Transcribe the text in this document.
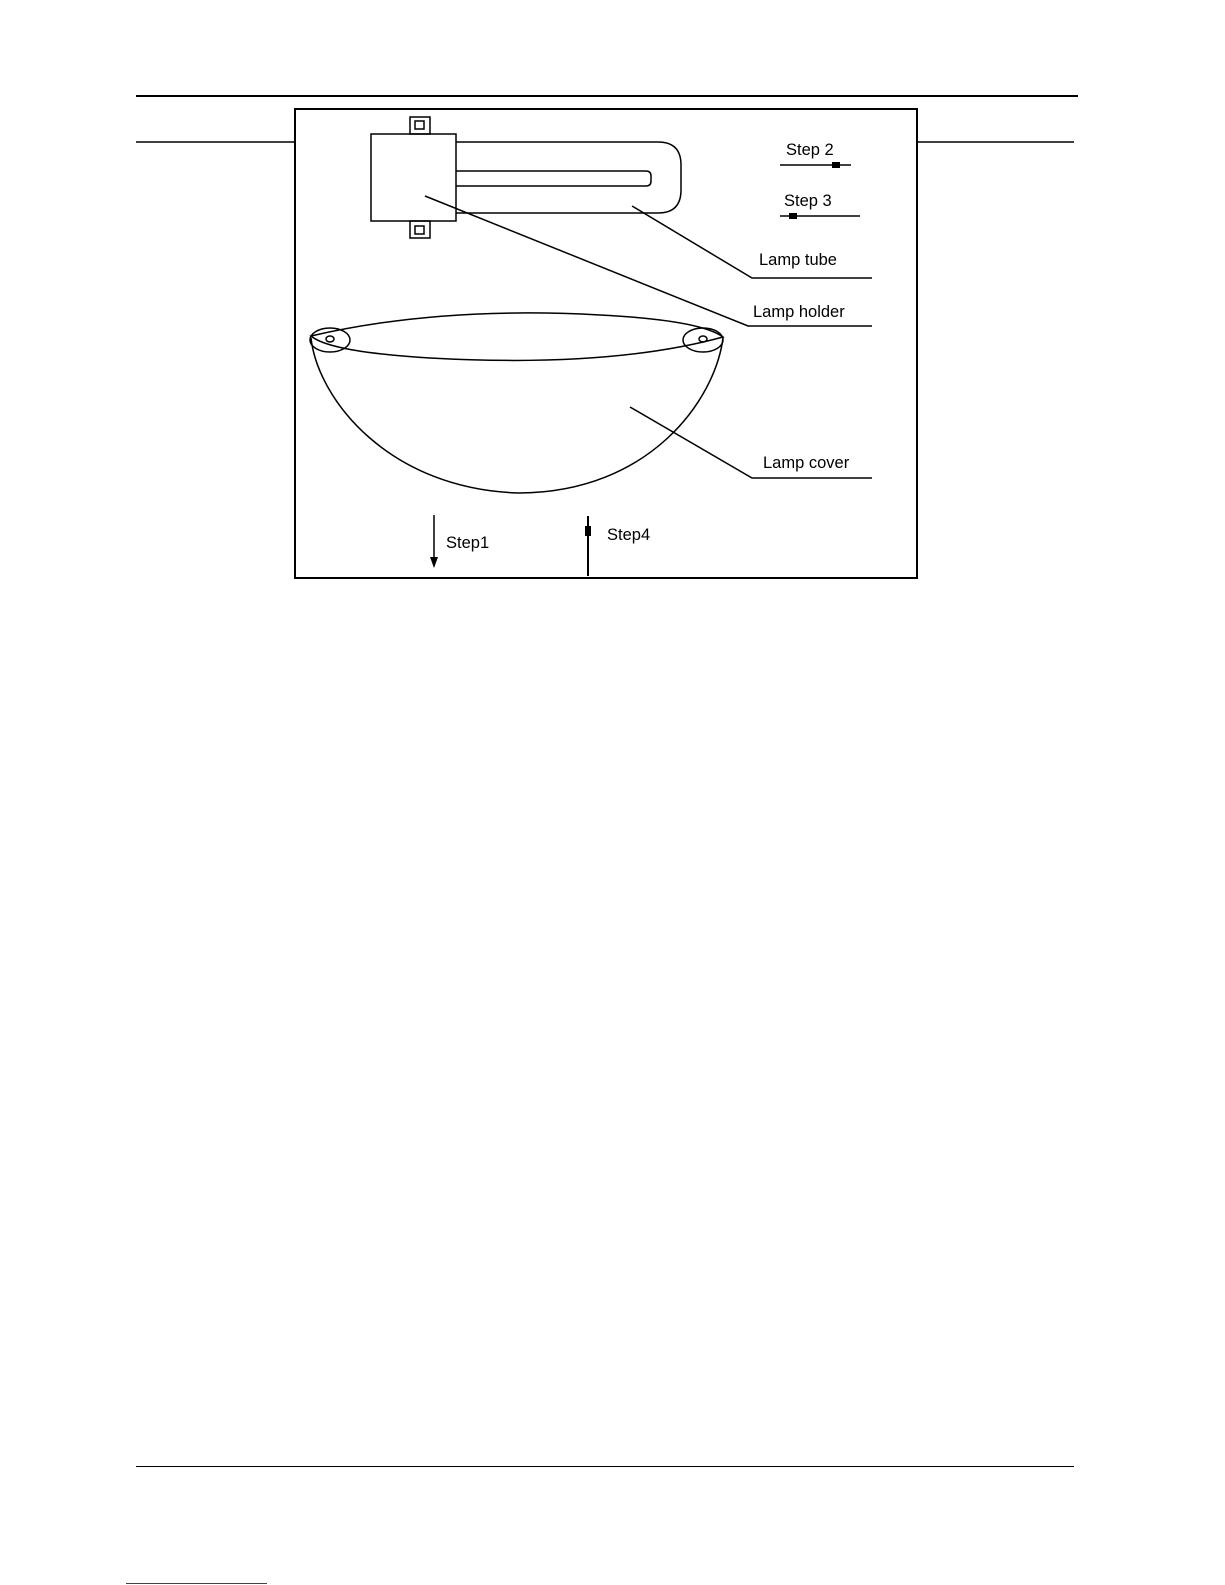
Step 2
Step 3
Lamp tube
Lamp holder
Lamp cover
Step1	Step4
